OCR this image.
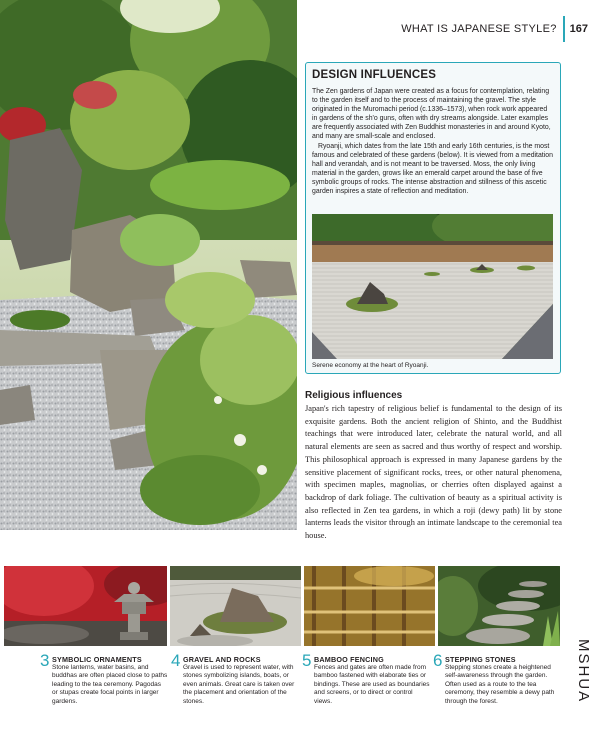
WHAT IS JAPANESE STYLE? 167
DESIGN INFLUENCES

The Zen gardens of Japan were created as a focus for contemplation, relating to the garden itself and to the process of maintaining the gravel. The style originated in the Muromachi period (c.1336–1573), when rock work appeared in gardens of the sh'o guns, often with dry streams alongside. Later examples are frequently associated with Zen Buddhist monasteries in and around Kyoto, and many are small-scale and enclosed.

Ryoanji, which dates from the late 15th and early 16th centuries, is the most famous and celebrated of these gardens (below). It is viewed from a meditation hall and verandah, and is not meant to be traversed. Moss, the only living material in the garden, grows like an emerald carpet around the base of five symbolic groups of rocks. The intense abstraction and stillness of this ascetic garden inspires a state of reflection and meditation.

Serene economy at the heart of Ryoanji.
Religious influences

Japan's rich tapestry of religious belief is fundamental to the design of its exquisite gardens. Both the ancient religion of Shinto, and the Buddhist teachings that were introduced later, celebrate the natural world, and all natural elements are seen as sacred and thus worthy of respect and worship. This philosophical approach is expressed in many Japanese gardens by the sensitive placement of significant rocks, trees, or other natural phenomena, with specimen maples, magnolias, or cherries often displayed against a backdrop of dark foliage. The cultivation of beauty as a spiritual activity is also reflected in Zen tea gardens, in which a roji (dewy path) lit by stone lanterns leads the visitor through an intimate landscape to the ceremonial tea house.

3 SYMBOLIC ORNAMENTS
Stone lanterns, water basins, and buddhas are often placed close to paths leading to the tea ceremony. Pagodas or stupas create focal points in larger gardens.
4 GRAVEL AND ROCKS
Gravel is used to represent water, with stones symbolizing islands, boats, or even animals. Great care is taken over the placement and orientation of the stones.
5 BAMBOO FENCING
Fences and gates are often made from bamboo fastened with elaborate ties or bindings. These are used as boundaries and screens, or to direct or control views.
6 STEPPING STONES
Stepping stones create a heightened self-awareness through the garden. Often used as a route to the tea ceremony, they resemble a dewy path through the forest.	MSHUA
